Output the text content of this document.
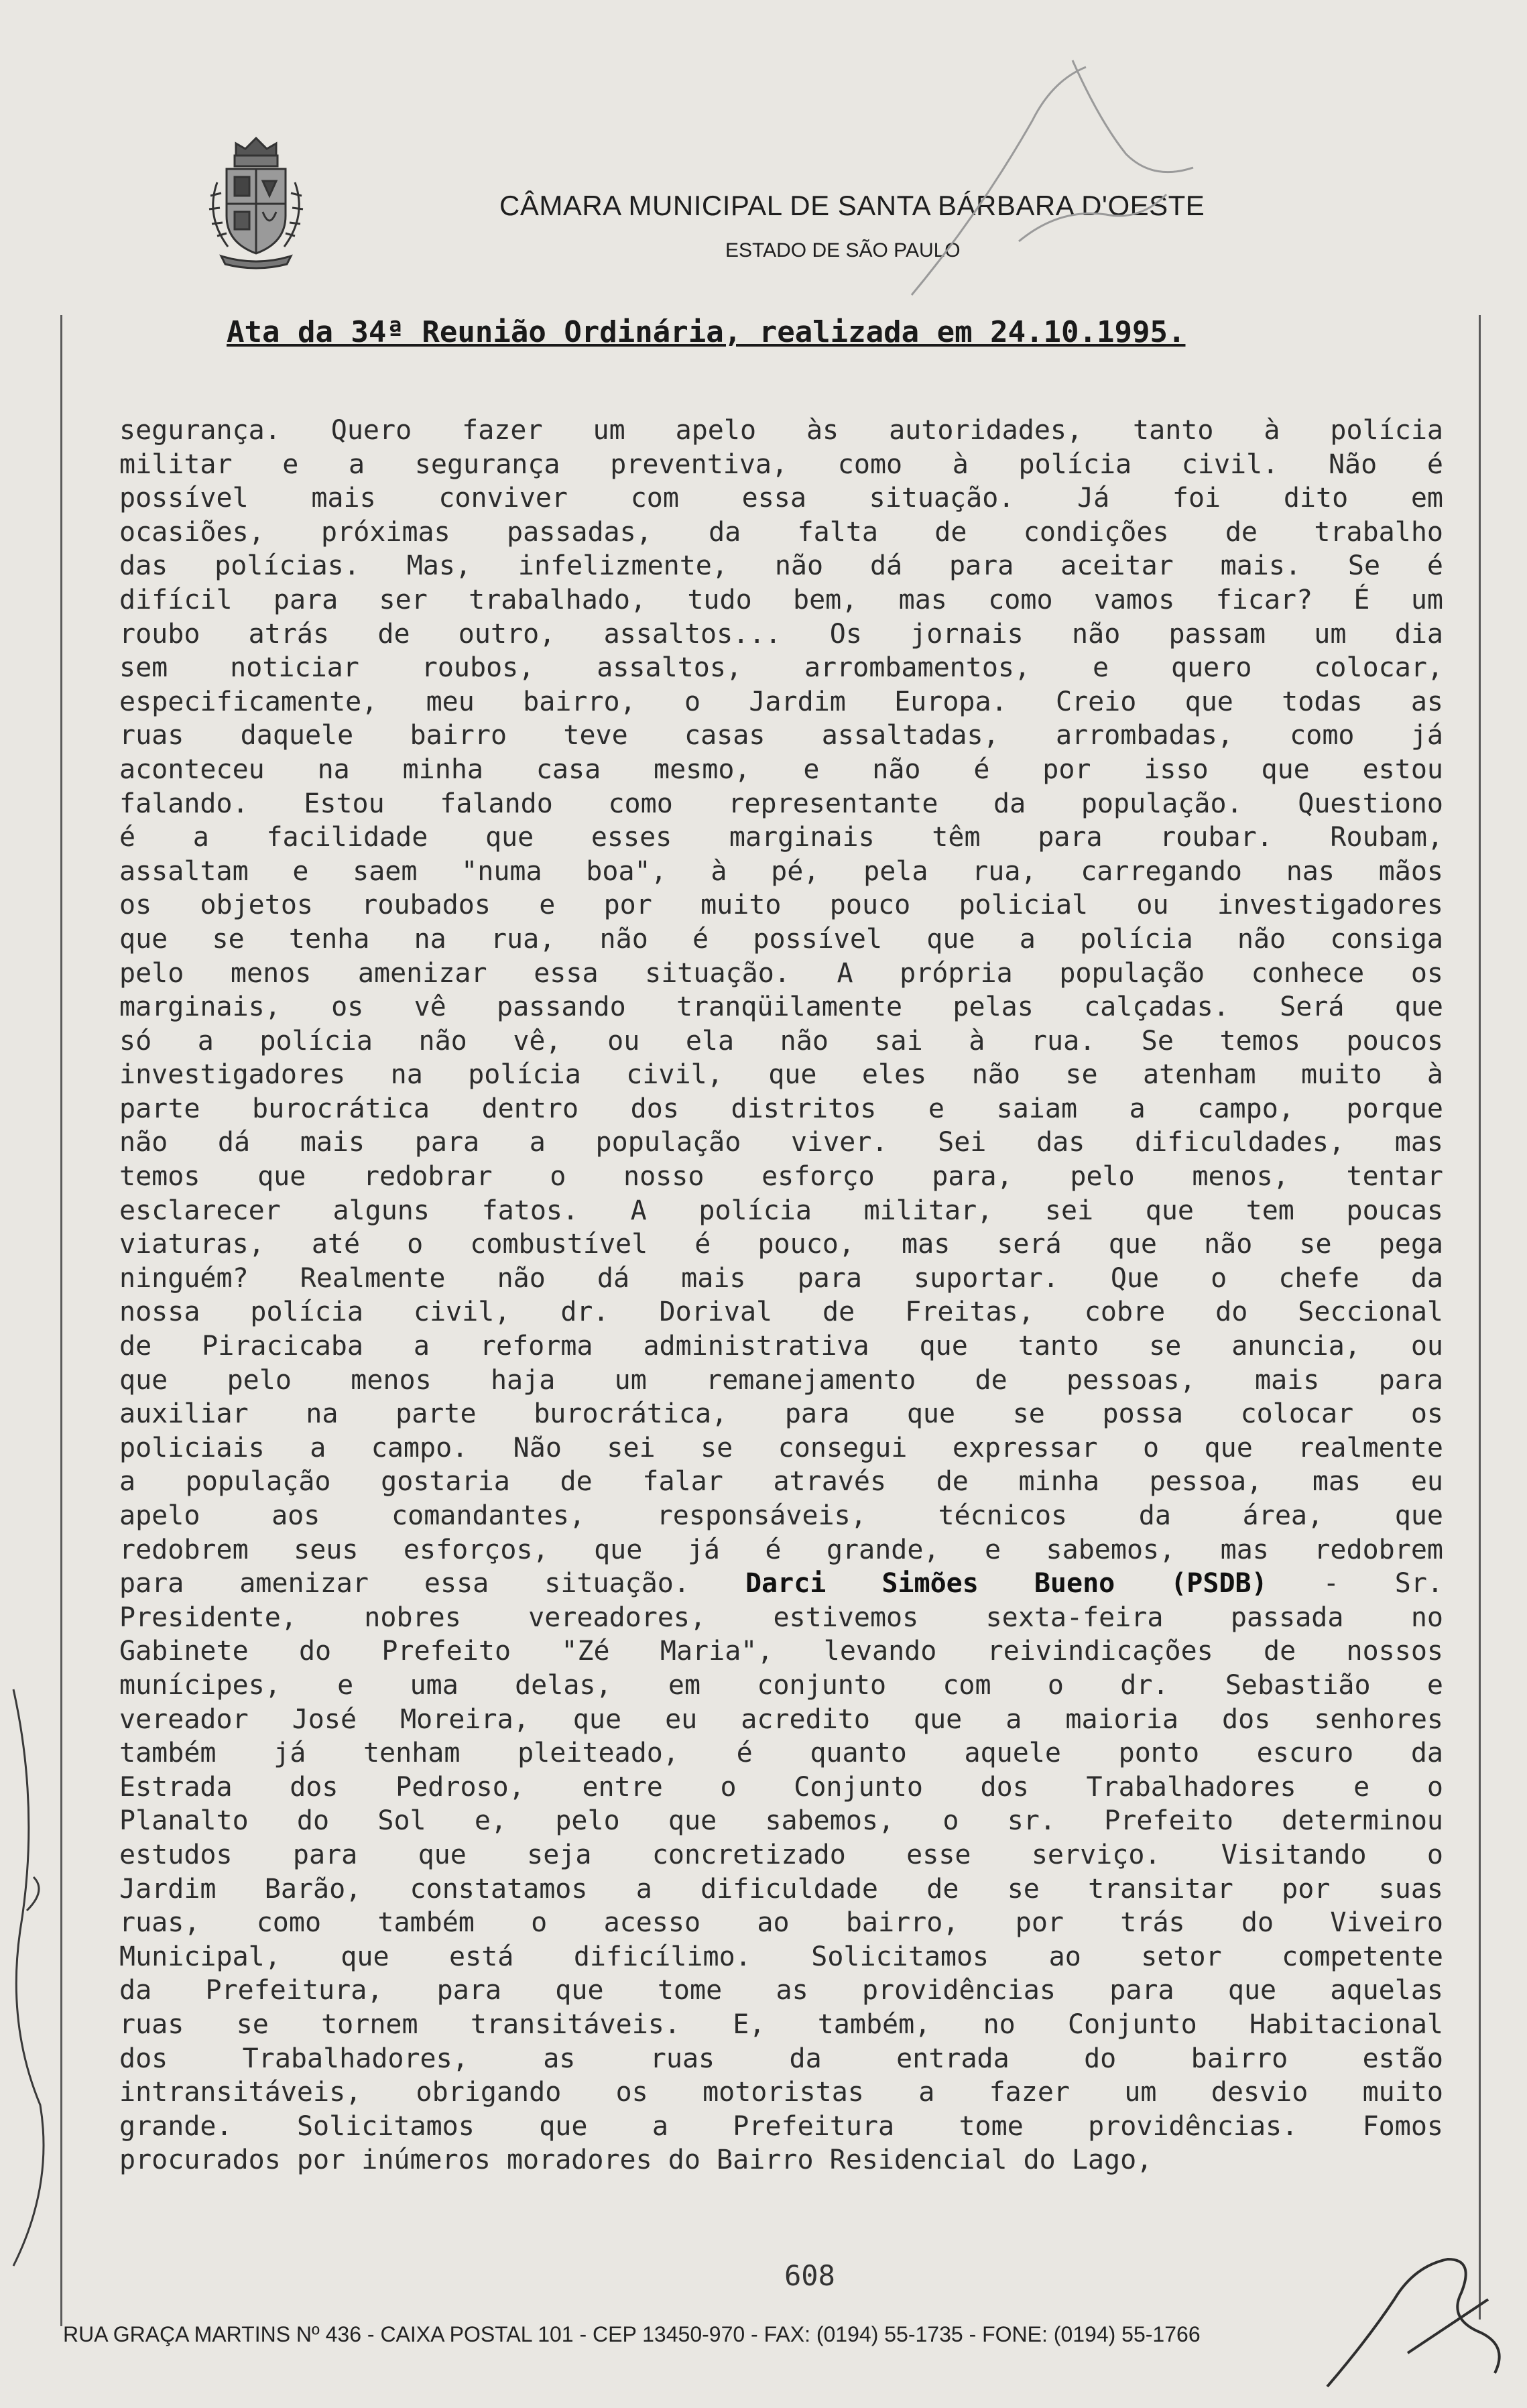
CÂMARA MUNICIPAL DE SANTA BÁRBARA D'OESTE
ESTADO DE SÃO PAULO
Ata da 34ª Reunião Ordinária, realizada em 24.10.1995.
segurança. Quero fazer um apelo às autoridades, tanto à polícia
militar e a segurança preventiva, como à polícia civil. Não é
possível mais conviver com essa situação. Já foi dito em
ocasiões, próximas passadas, da falta de condições de trabalho
das polícias. Mas, infelizmente, não dá para aceitar mais. Se é
difícil para ser trabalhado, tudo bem, mas como vamos ficar? É um
roubo atrás de outro, assaltos... Os jornais não passam um dia
sem noticiar roubos, assaltos, arrombamentos, e quero colocar,
especificamente, meu bairro, o Jardim Europa. Creio que todas as
ruas daquele bairro teve casas assaltadas, arrombadas, como já
aconteceu na minha casa mesmo, e não é por isso que estou
falando. Estou falando como representante da população. Questiono
é a facilidade que esses marginais têm para roubar. Roubam,
assaltam e saem "numa boa", à pé, pela rua, carregando nas mãos
os objetos roubados e por muito pouco policial ou investigadores
que se tenha na rua, não é possível que a polícia não consiga
pelo menos amenizar essa situação. A própria população conhece os
marginais, os vê passando tranqüilamente pelas calçadas. Será que
só a polícia não vê, ou ela não sai à rua. Se temos poucos
investigadores na polícia civil, que eles não se atenham muito à
parte burocrática dentro dos distritos e saiam a campo, porque
não dá mais para a população viver. Sei das dificuldades, mas
temos que redobrar o nosso esforço para, pelo menos, tentar
esclarecer alguns fatos. A polícia militar, sei que tem poucas
viaturas, até o combustível é pouco, mas será que não se pega
ninguém? Realmente não dá mais para suportar. Que o chefe da
nossa polícia civil, dr. Dorival de Freitas, cobre do Seccional
de Piracicaba a reforma administrativa que tanto se anuncia, ou
que pelo menos haja um remanejamento de pessoas, mais para
auxiliar na parte burocrática, para que se possa colocar os
policiais a campo. Não sei se consegui expressar o que realmente
a população gostaria de falar através de minha pessoa, mas eu
apelo aos comandantes, responsáveis, técnicos da área, que
redobrem seus esforços, que já é grande, e sabemos, mas redobrem
para amenizar essa situação. Darci Simões Bueno (PSDB) - Sr.
Presidente, nobres vereadores, estivemos sexta-feira passada no
Gabinete do Prefeito "Zé Maria", levando reivindicações de nossos
munícipes, e uma delas, em conjunto com o dr. Sebastião e
vereador José Moreira, que eu acredito que a maioria dos senhores
também já tenham pleiteado, é quanto aquele ponto escuro da
Estrada dos Pedroso, entre o Conjunto dos Trabalhadores e o
Planalto do Sol e, pelo que sabemos, o sr. Prefeito determinou
estudos para que seja concretizado esse serviço. Visitando o
Jardim Barão, constatamos a dificuldade de se transitar por suas
ruas, como também o acesso ao bairro, por trás do Viveiro
Municipal, que está dificílimo. Solicitamos ao setor competente
da Prefeitura, para que tome as providências para que aquelas
ruas se tornem transitáveis. E, também, no Conjunto Habitacional
dos Trabalhadores, as ruas da entrada do bairro estão
intransitáveis, obrigando os motoristas a fazer um desvio muito
grande. Solicitamos que a Prefeitura tome providências. Fomos
procurados por inúmeros moradores do Bairro Residencial do Lago,
608
RUA GRAÇA MARTINS Nº 436 - CAIXA POSTAL 101 - CEP 13450-970 - FAX: (0194) 55-1735 - FONE: (0194) 55-1766
